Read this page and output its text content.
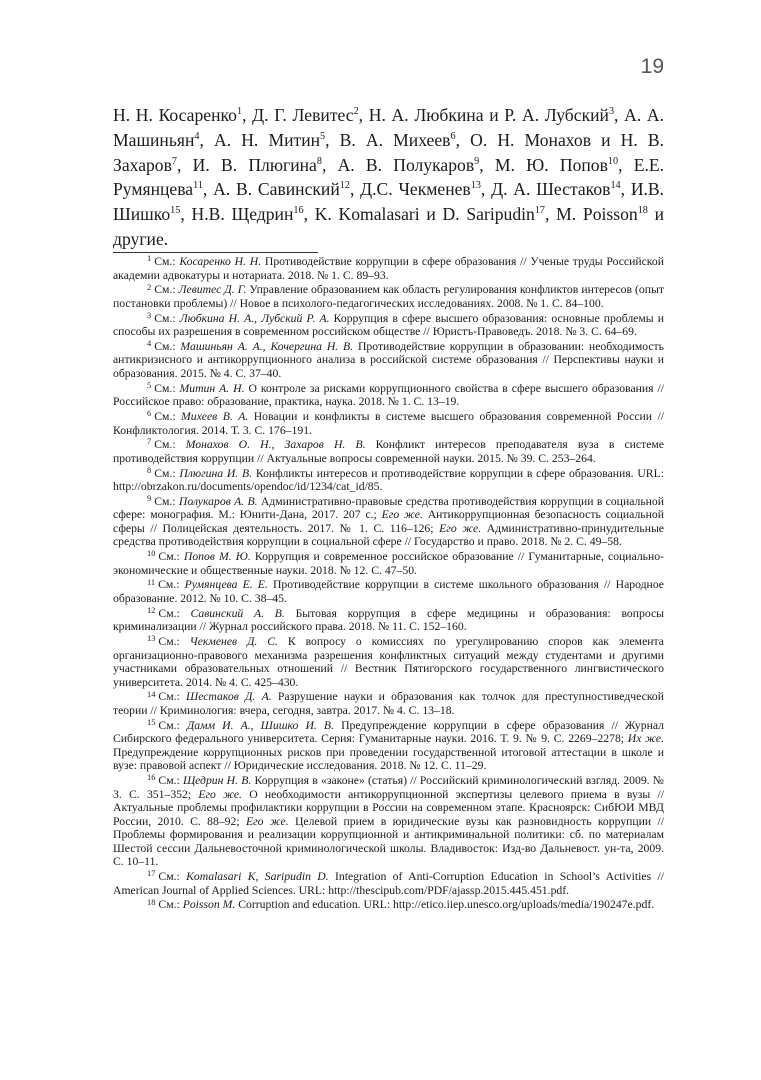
19

Н. Н. Косаренко$^1$, Д. Г. Левитес$^2$, Н. А. Любкина и Р. А. Лубский$^3$, А. А. Машиньян$^4$, А. Н. Митин$^5$, В. А. Михеев$^6$, О. Н. Монахов и Н. В. Захаров$^7$, И. В. Плюгина$^8$, А. В. Полукаров$^9$, М. Ю. Попов$^{10}$, Е.Е. Румянцева$^{11}$, А. В. Савинский$^{12}$, Д.С. Чекменев$^{13}$, Д. А. Шестаков$^{14}$, И.В. Шишко$^{15}$, Н.В. Щедрин$^{16}$, K. Komalasari и D. Saripudin$^{17}$, M. Poisson$^{18}$ и другие.

$^1$ См.: Косаренко Н. Н. Противодействие коррупции в сфере образования // Ученые труды Российской академии адвокатуры и нотариата. 2018. № 1. С. 89–93.

$^2$ См.: Левитес Д. Г. Управление образованием как область регулирования конфликтов интересов (опыт постановки проблемы) // Новое в психолого-педагогических исследованиях. 2008. № 1. С. 84–100.

$^3$ См.: Любкина Н. А., Лубский Р. А. Коррупция в сфере высшего образования: основные проблемы и способы их разрешения в современном российском обществе // Юристъ-Правоведъ. 2018. № 3. С. 64–69.

$^4$ См.: Машиньян А. А., Кочергина Н. В. Противодействие коррупции в образовании: необходимость антикризисного и антикоррупционного анализа в российской системе образования // Перспективы науки и образования. 2015. № 4. С. 37–40.

$^5$ См.: Митин А. Н. О контроле за рисками коррупционного свойства в сфере высшего образования // Российское право: образование, практика, наука. 2018. № 1. С. 13–19.

$^6$ См.: Михеев В. А. Новации и конфликты в системе высшего образования современной России // Конфликтология. 2014. Т. 3. С. 176–191.

$^7$ См.: Монахов О. Н., Захаров Н. В. Конфликт интересов преподавателя вуза в системе противодействия коррупции // Актуальные вопросы современной науки. 2015. № 39. С. 253–264.

$^8$ См.: Плюгина И. В. Конфликты интересов и противодействие коррупции в сфере образования. URL: http://obrzakon.ru/documents/opendoc/id/1234/cat_id/85.

$^9$ См.: Полукаров А. В. Административно-правовые средства противодействия коррупции в социальной сфере: монография. М.: Юнити-Дана, 2017. 207 с.; Его же. Антикоррупционная безопасность социальной сферы // Полицейская деятельность. 2017. № 1. С. 116–126; Его же. Административно-принудительные средства противодействия коррупции в социальной сфере // Государство и право. 2018. № 2. С. 49–58.

$^{10}$ См.: Попов М. Ю. Коррупция и современное российское образование // Гуманитарные, социально-экономические и общественные науки. 2018. № 12. С. 47–50.

$^{11}$ См.: Румянцева Е. Е. Противодействие коррупции в системе школьного образования // Народное образование. 2012. № 10. С. 38–45.

$^{12}$ См.: Савинский А. В. Бытовая коррупция в сфере медицины и образования: вопросы криминализации // Журнал российского права. 2018. № 11. С. 152–160.

$^{13}$ См.: Чекменев Д. С. К вопросу о комиссиях по урегулированию споров как элемента организационно-правового механизма разрешения конфликтных ситуаций между студентами и другими участниками образовательных отношений // Вестник Пятигорского государственного лингвистического университета. 2014. № 4. С. 425–430.

$^{14}$ См.: Шестаков Д. А. Разрушение науки и образования как толчок для преступностиведческой теории // Криминология: вчера, сегодня, завтра. 2017. № 4. С. 13–18.

$^{15}$ См.: Дамм И. А., Шишко И. В. Предупреждение коррупции в сфере образования // Журнал Сибирского федерального университета. Серия: Гуманитарные науки. 2016. Т. 9. № 9. С. 2269–2278; Их же. Предупреждение коррупционных рисков при проведении государственной итоговой аттестации в школе и вузе: правовой аспект // Юридические исследования. 2018. № 12. С. 11–29.

$^{16}$ См.: Щедрин Н. В. Коррупция в «законе» (статья) // Российский криминологический взгляд. 2009. № 3. С. 351–352; Его же. О необходимости антикоррупционной экспертизы целевого приема в вузы // Актуальные проблемы профилактики коррупции в России на современном этапе. Красноярск: СибЮИ МВД России, 2010. С. 88–92; Его же. Целевой прием в юридические вузы как разновидность коррупции // Проблемы формирования и реализации коррупционной и антикриминальной политики: сб. по материалам Шестой сессии Дальневосточной криминологической школы. Владивосток: Изд-во Дальневост. ун-та, 2009. С. 10–11.

$^{17}$ См.: Komalasari K, Saripudin D. Integration of Anti-Corruption Education in School’s Activities // American Journal of Applied Sciences. URL: http://thescipub.com/PDF/ajassp.2015.445.451.pdf.

$^{18}$ См.: Poisson M. Corruption and education. URL: http://etico.iiep.unesco.org/uploads/media/190247e.pdf.
